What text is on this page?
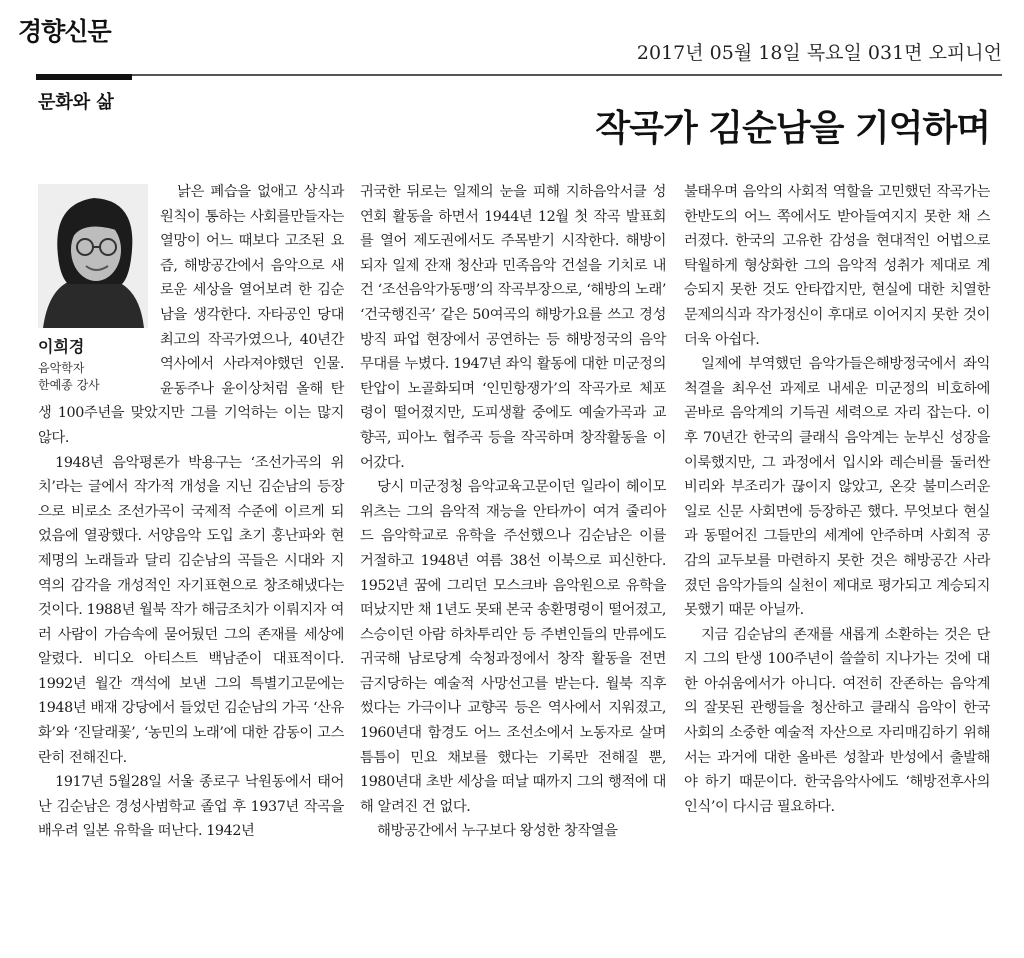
경향신문
2017년 05월 18일 목요일 031면 오피니언
문화와 삶
작곡가 김순남을 기억하며
이희경
음악학자
한예종 강사

낡은 폐습을 없애고 상식과 원칙이 통하는 사회를만들자는열망이 어느 때보다 고조된 요즘, 해방공간에서 음악으로 새로운 세상을 열어보려 한 김순남을 생각한다. 자타공인 당대 최고의 작곡가였으나, 40년간 역사에서 사라져야했던 인물. 윤동주나 윤이상처럼 올해 탄생 100주년을 맞았지만 그를 기억하는 이는 많지 않다.

1948년 음악평론가 박용구는 ‘조선가곡의 위치’라는 글에서 작가적 개성을 지닌 김순남의 등장으로 비로소 조선가곡이 국제적 수준에 이르게 되었음에 열광했다. 서양음악 도입 초기 홍난파와 현제명의 노래들과 달리 김순남의 곡들은 시대와 지역의 감각을 개성적인 자기표현으로 창조해냈다는 것이다. 1988년 월북 작가 해금조치가 이뤄지자 여러 사람이 가슴속에 묻어뒀던 그의 존재를 세상에 알렸다. 비디오 아티스트 백남준이 대표적이다. 1992년 월간 객석에 보낸 그의 특별기고문에는 1948년 배재 강당에서 들었던 김순남의 가곡 ‘산유화’와 ‘진달래꽃’, ‘농민의 노래’에 대한 감동이 고스란히 전해진다.

1917년 5월28일 서울 종로구 낙원동에서 태어난 김순남은 경성사범학교 졸업 후 1937년 작곡을 배우려 일본 유학을 떠난다. 1942년

귀국한 뒤로는 일제의 눈을 피해 지하음악서클 성연회 활동을 하면서 1944년 12월 첫 작곡 발표회를 열어 제도권에서도 주목받기 시작한다. 해방이 되자 일제 잔재 청산과 민족음악 건설을 기치로 내건 ‘조선음악가동맹’의 작곡부장으로, ‘해방의 노래’ ‘건국행진곡’ 같은 50여곡의 해방가요를 쓰고 경성방직 파업 현장에서 공연하는 등 해방정국의 음악무대를 누볐다. 1947년 좌익 활동에 대한 미군정의 탄압이 노골화되며 ‘인민항쟁가’의 작곡가로 체포령이 떨어졌지만, 도피생활 중에도 예술가곡과 교향곡, 피아노 협주곡 등을 작곡하며 창작활동을 이어갔다.

당시 미군정청 음악교육고문이던 일라이 헤이모위츠는 그의 음악적 재능을 안타까이 여겨 줄리아드 음악학교로 유학을 주선했으나 김순남은 이를 거절하고 1948년 여름 38선 이북으로 피신한다. 1952년 꿈에 그리던 모스크바 음악원으로 유학을 떠났지만 채 1년도 못돼 본국 송환명령이 떨어졌고, 스승이던 아람 하차투리안 등 주변인들의 만류에도 귀국해 남로당계 숙청과정에서 창작 활동을 전면 금지당하는 예술적 사망선고를 받는다. 월북 직후 썼다는 가극이나 교향곡 등은 역사에서 지워졌고, 1960년대 함경도 어느 조선소에서 노동자로 살며 틈틈이 민요 채보를 했다는 기록만 전해질 뿐, 1980년대 초반 세상을 떠날 때까지 그의 행적에 대해 알려진 건 없다.

해방공간에서 누구보다 왕성한 창작열을

불태우며 음악의 사회적 역할을 고민했던 작곡가는 한반도의 어느 쪽에서도 받아들여지지 못한 채 스러졌다. 한국의 고유한 감성을 현대적인 어법으로 탁월하게 형상화한 그의 음악적 성취가 제대로 계승되지 못한 것도 안타깝지만, 현실에 대한 치열한 문제의식과 작가정신이 후대로 이어지지 못한 것이 더욱 아쉽다.

일제에 부역했던 음악가들은해방정국에서 좌익 척결을 최우선 과제로 내세운 미군정의 비호하에 곧바로 음악계의 기득권 세력으로 자리 잡는다. 이후 70년간 한국의 클래식 음악계는 눈부신 성장을 이룩했지만, 그 과정에서 입시와 레슨비를 둘러싼 비리와 부조리가 끊이지 않았고, 온갖 불미스러운 일로 신문 사회면에 등장하곤 했다. 무엇보다 현실과 동떨어진 그들만의 세계에 안주하며 사회적 공감의 교두보를 마련하지 못한 것은 해방공간 사라졌던 음악가들의 실천이 제대로 평가되고 계승되지 못했기 때문 아닐까.

지금 김순남의 존재를 새롭게 소환하는 것은 단지 그의 탄생 100주년이 쓸쓸히 지나가는 것에 대한 아쉬움에서가 아니다. 여전히 잔존하는 음악계의 잘못된 관행들을 청산하고 클래식 음악이 한국 사회의 소중한 예술적 자산으로 자리매김하기 위해서는 과거에 대한 올바른 성찰과 반성에서 출발해야 하기 때문이다. 한국음악사에도 ‘해방전후사의 인식’이 다시금 필요하다.
